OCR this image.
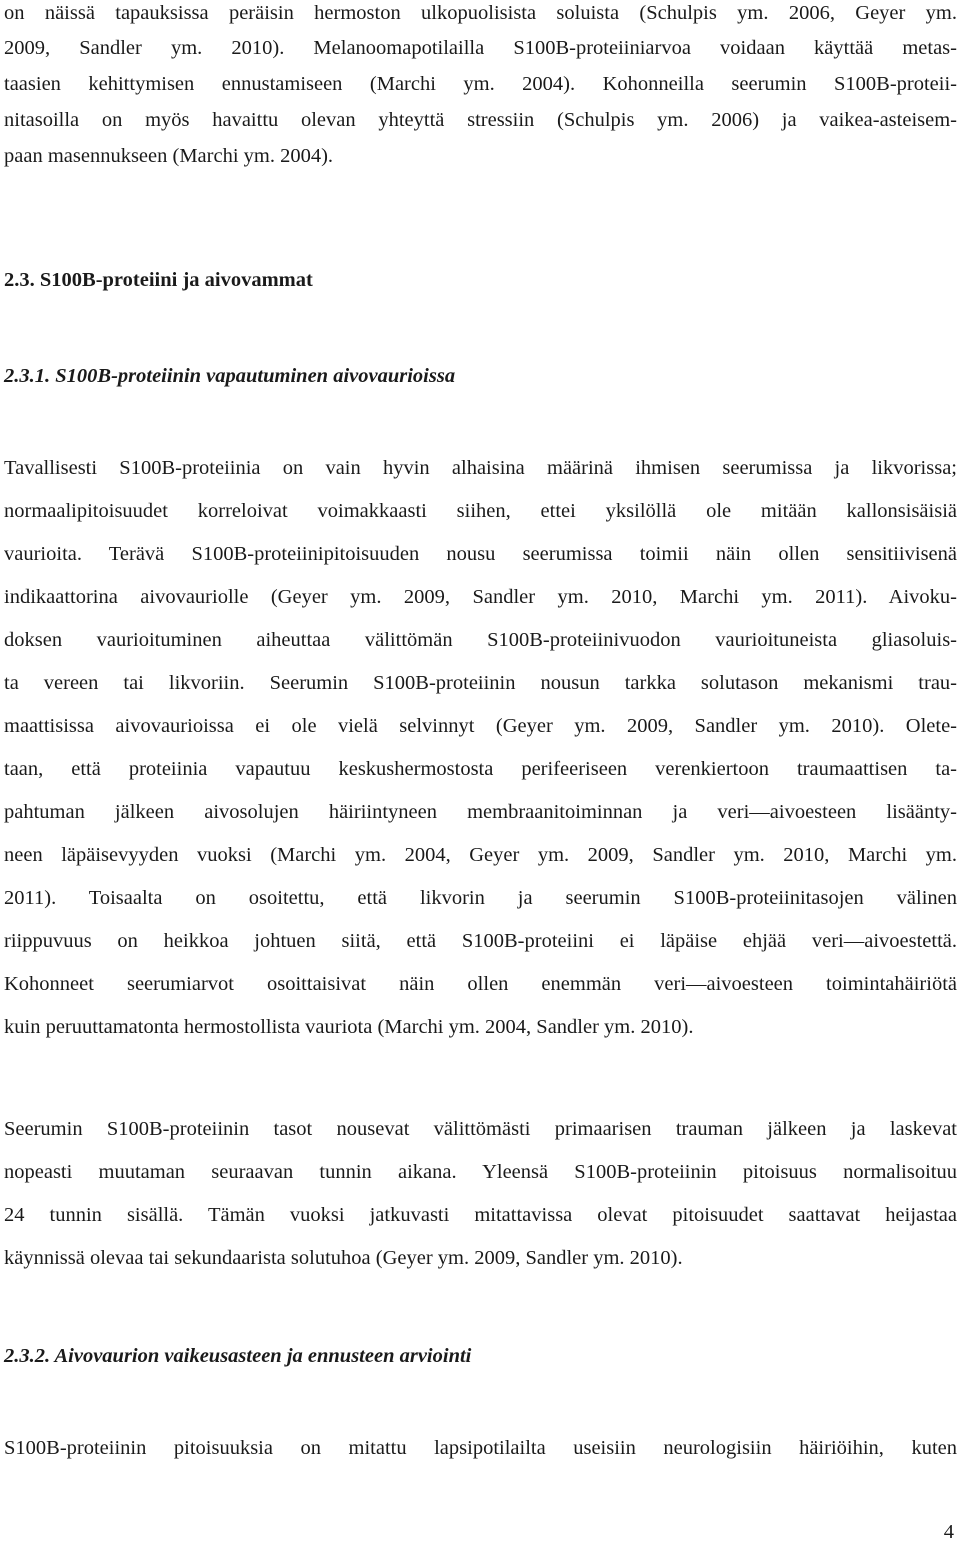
on näissä tapauksissa peräisin hermoston ulkopuolisista soluista (Schulpis ym. 2006, Geyer ym.
2009, Sandler ym. 2010). Melanoomapotilailla S100B-proteiiniarvoa voidaan käyttää metas-
taasien kehittymisen ennustamiseen (Marchi ym. 2004). Kohonneilla seerumin S100B-proteii-
nitasoilla on myös havaittu olevan yhteyttä stressiin (Schulpis ym. 2006) ja vaikea-asteisem-
paan masennukseen (Marchi ym. 2004).
2.3. S100B-proteiini ja aivovammat
2.3.1. S100B-proteiinin vapautuminen aivovaurioissa
Tavallisesti S100B-proteiinia on vain hyvin alhaisina määrinä ihmisen seerumissa ja likvorissa;
normaalipitoisuudet korreloivat voimakkaasti siihen, ettei yksilöllä ole mitään kallonsisäisiä
vaurioita. Terävä S100B-proteiinipitoisuuden nousu seerumissa toimii näin ollen sensitiivisenä
indikaattorina aivovauriolle (Geyer ym. 2009, Sandler ym. 2010, Marchi ym. 2011). Aivoku-
doksen vaurioituminen aiheuttaa välittömän S100B-proteiinivuodon vaurioituneista gliasoluis-
ta vereen tai likvoriin. Seerumin S100B-proteiinin nousun tarkka solutason mekanismi trau-
maattisissa aivovaurioissa ei ole vielä selvinnyt (Geyer ym. 2009, Sandler ym. 2010). Olete-
taan, että proteiinia vapautuu keskushermostosta perifeeriseen verenkiertoon traumaattisen ta-
pahtuman jälkeen aivosolujen häiriintyneen membraanitoiminnan ja veri—aivoesteen lisäänty-
neen läpäisevyyden vuoksi (Marchi ym. 2004, Geyer ym. 2009, Sandler ym. 2010, Marchi ym.
2011). Toisaalta on osoitettu, että likvorin ja seerumin S100B-proteiinitasojen välinen
riippuvuus on heikkoa johtuen siitä, että S100B-proteiini ei läpäise ehjää veri—aivoestettä.
Kohonneet seerumiarvot osoittaisivat näin ollen enemmän veri—aivoesteen toimintahäiriötä
kuin peruuttamatonta hermostollista vauriota (Marchi ym. 2004, Sandler ym. 2010).
Seerumin S100B-proteiinin tasot nousevat välittömästi primaarisen trauman jälkeen ja laskevat
nopeasti muutaman seuraavan tunnin aikana. Yleensä S100B-proteiinin pitoisuus normalisoituu
24 tunnin sisällä. Tämän vuoksi jatkuvasti mitattavissa olevat pitoisuudet saattavat heijastaa
käynnissä olevaa tai sekundaarista solutuhoa (Geyer ym. 2009, Sandler ym. 2010).
2.3.2. Aivovaurion vaikeusasteen ja ennusteen arviointi
S100B-proteiinin pitoisuuksia on mitattu lapsipotilailta useisiin neurologisiin häiriöihin, kuten
4
